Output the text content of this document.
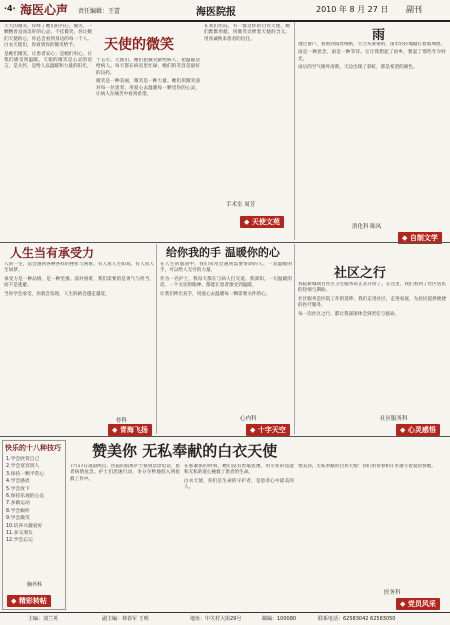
·4· 海医心声 责任编辑：王蕾	海医院报	2010 年 8 月 27 日 副刊

天天的微笑，你终了她们的内心，微笑，一颗颗善良而美好的心灵。千挂微笑，你让她们天使的心，你总会看到身边的每一个人。白衣天使们，你看到你的微笑给予。

是她们微笑，让患者安心；是她们用心，让我们感受到温暖。天使的微笑是心灵的语言，是关怀，是给人以温暖和力量的阳光。

天使的微笑

十五年，天使们，她们把微笑献给病人，把温暖送给病人。每天都在病房里忙碌，她们的笑容是最好的良药。

微笑是一种美丽，微笑是一种力量。她们用微笑面对每一位患者，用爱心去温暖每一颗受伤的心灵，让病人在痛苦中看到希望。

在我们医院，有一群这样的白衣天使，她们默默奉献，用微笑诠释着天使的含义，用真诚换来患者的信任。

手术室 周芳
◆ 天使文苑
雨

透过窗户，我看到雨丝细密，天空灰蒙蒙的，雨水轻轻地敲打着玻璃窗。

雨是一种思念，雨是一种等待。它让我想起了故乡，想起了那些年少时光。

雨后的空气格外清新，天边出现了彩虹，那是希望的颜色。

消化科 陈凤
◆ 自制文学
人生当有承受力

人的一生，总会遇到各种各样的挫折与困难。有人说人生如戏，有人说人生如梦。

承受力是一种品格，是一种坚强。面对困难，我们需要的是勇气与担当，而不是逃避。

当你学会承受，你就会发现，人生的路会越走越宽。

骨科
◆ 青海飞扬
给你我的手 温暖你的心

在人生的旅途中，我们常常会遇到需要帮助的人。一双温暖的手，可以给人无穷的力量。

作为一名护士，我每天都在与病人打交道。我深知，一句温暖的话，一个关切的眼神，都能让患者感受到温暖。

让我们伸出双手，用爱心去温暖每一颗需要关怀的心。

心内科
◆ 十字天空
社区之行

我院新城项目社区卫生服务站正式开诊了。在这里，我们看到了社区居民的热情与期盼。

社区服务是医院工作的延伸。我们走进社区，走进家庭，为居民提供便捷的医疗服务。

每一次社区之行，都让我深深体会到责任与使命。

社区服务科
◆ 心灵感悟
快乐的十八种技巧
1.学会欣赏自己
2.学会宽容别人
3.保持一颗平常心
4.学会感恩
5.学会放下
6.保持乐观的心态
7.多做运动
8.学会倾听
9.学会微笑
10.培养兴趣爱好
11.多交朋友
12.学会忘记
胸外科
◆ 精彩转帖
赞美你 无私奉献的白衣天使

7月17日凌晨两点，医院的值班护士接到急诊电话，患者病情危急。护士们迅速行动，争分夺秒地投入到抢救工作中。

在那紧张的时刻，她们没有丝毫犹豫，用专业的技能和无私的爱心挽救了患者的生命。

白衣天使，你们是生命的守护者，是患者心中最美的人。

赞美你，无私奉献的白衣天使！你们用青春和汗水谱写着爱的赞歌。

医务科
◆ 党员风采
主编：刘兰英	副主编：林春军 王明	地址：中关村大街29号	邮编：100080	联系电话：62583042 62583050
